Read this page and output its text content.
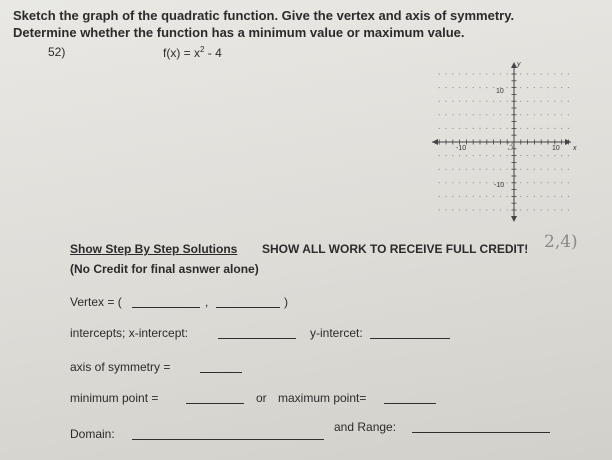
Sketch the graph of the quadratic function. Give the vertex and axis of symmetry.
Determine whether the function has a minimum value or maximum value.
52)	$f(x) = x^2 - 4$
y
x
10
-10
-10	10
3
Show Step By Step Solutions SHOW ALL WORK TO RECEIVE FULL CREDIT! 2,4)
(No Credit for final asnwer alone)
Vertex = (	,	)
intercepts; x-intercept:	y-intercet:
axis of symmetry =
minimum point =	or maximum point=
Domain:	and Range:
